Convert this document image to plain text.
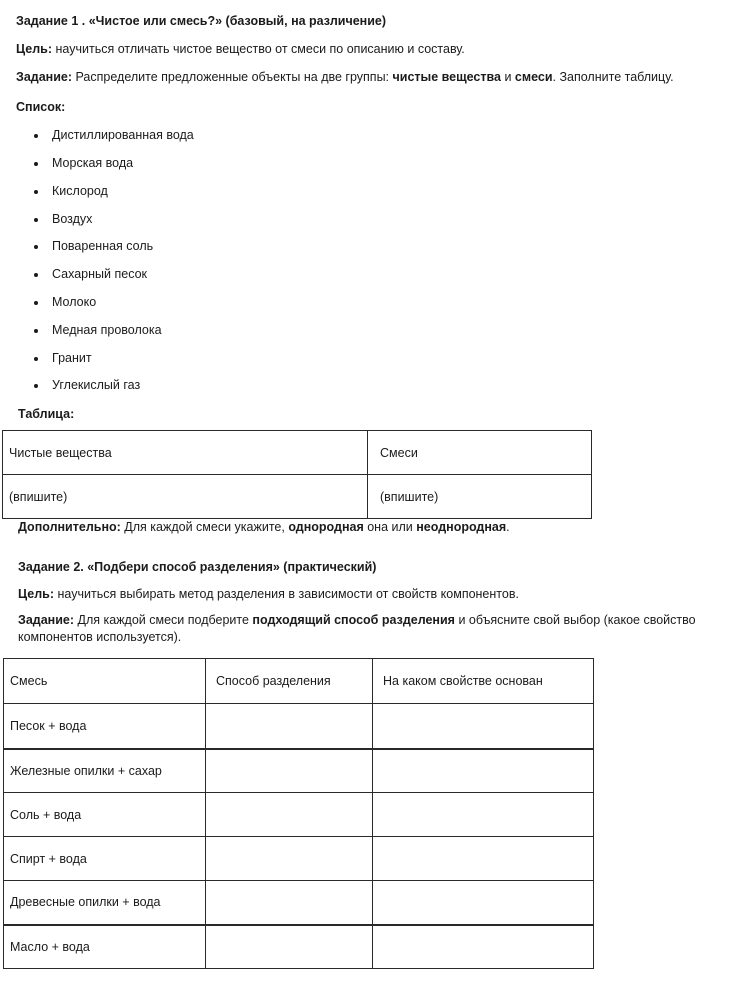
Задание 1 . «Чистое или смесь?» (базовый, на различение)
Цель: научиться отличать чистое вещество от смеси по описанию и составу.
Задание: Распределите предложенные объекты на две группы: чистые вещества и смеси. Заполните таблицу.
Список:
Дистиллированная вода
Морская вода
Кислород
Воздух
Поваренная соль
Сахарный песок
Молоко
Медная проволока
Гранит
Углекислый газ
Таблица:
Чистые вещества	Смеси
(впишите)	(впишите)
Дополнительно: Для каждой смеси укажите, однородная она или неоднородная.
Задание 2. «Подбери способ разделения» (практический)
Цель: научиться выбирать метод разделения в зависимости от свойств компонентов.
Задание: Для каждой смеси подберите подходящий способ разделения и объясните свой выбор (какое свойство
компонентов используется).
Смесь	Способ разделения	На каком свойстве основан
Песок + вода		
Железные опилки + сахар		
Соль + вода		
Спирт + вода		
Древесные опилки + вода		
Масло + вода		
